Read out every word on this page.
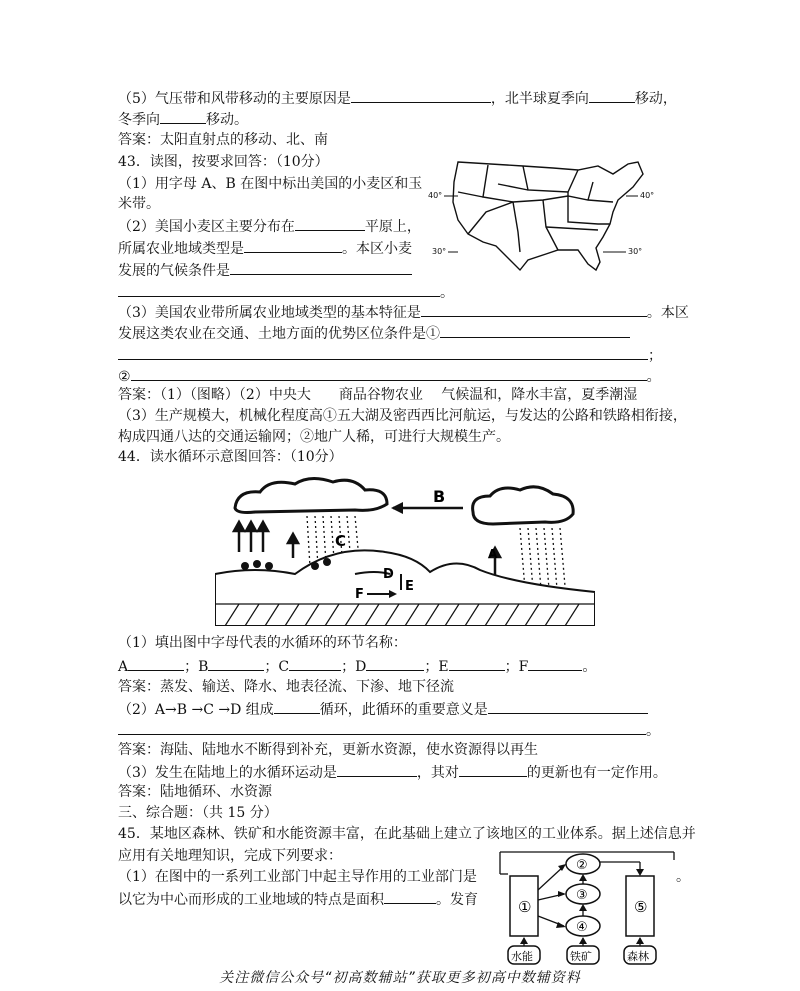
（5）气压带和风带移动的主要原因是	，北半球夏季向	移动，
冬季向	移动。
答案：太阳直射点的移动、北、南
43．读图，按要求回答：（10分）
（1）用字母 A、B 在图中标出美国的小麦区和玉
米带。
（2）美国小麦区主要分布在	平原上，
所属农业地域类型是	。本区小麦
发展的气候条件是
。
40°	40°
30°	30°
（3）美国农业带所属农业地域类型的基本特征是	。本区
发展这类农业在交通、土地方面的优势区位条件是①
；
②	。
答案：（1）（图略）（2）中央大　　商品谷物农业　 气候温和，降水丰富，夏季潮湿
（3）生产规模大，机械化程度高①五大湖及密西西比河航运，与发达的公路和铁路相衔接，
构成四通八达的交通运输网；②地广人稀，可进行大规模生产。
44．读水循环示意图回答：（10分）
B
C
A
D
E
F
（1）填出图中字母代表的水循环的环节名称：
A	；B	；C	；D	；E	；F	。
答案：蒸发、输送、降水、地表径流、下渗、地下径流
（2）A→B →C →D 组成	循环，此循环的重要意义是
。
答案：海陆、陆地水不断得到补充，更新水资源，使水资源得以再生
（3）发生在陆地上的水循环运动是	，其对	的更新也有一定作用。
答案：陆地循环、水资源
三、综合题：（共 15 分）
45．某地区森林、铁矿和水能资源丰富，在此基础上建立了该地区的工业体系。据上述信息并
应用有关地理知识，完成下列要求：
（1）在图中的一系列工业部门中起主导作用的工业部门是	。
以它为中心而形成的工业地域的特点是面积	。发育	①
②
③
④
⑤
水能	铁矿	森林
关注微信公众号“初高数辅站”获取更多初高中数辅资料
